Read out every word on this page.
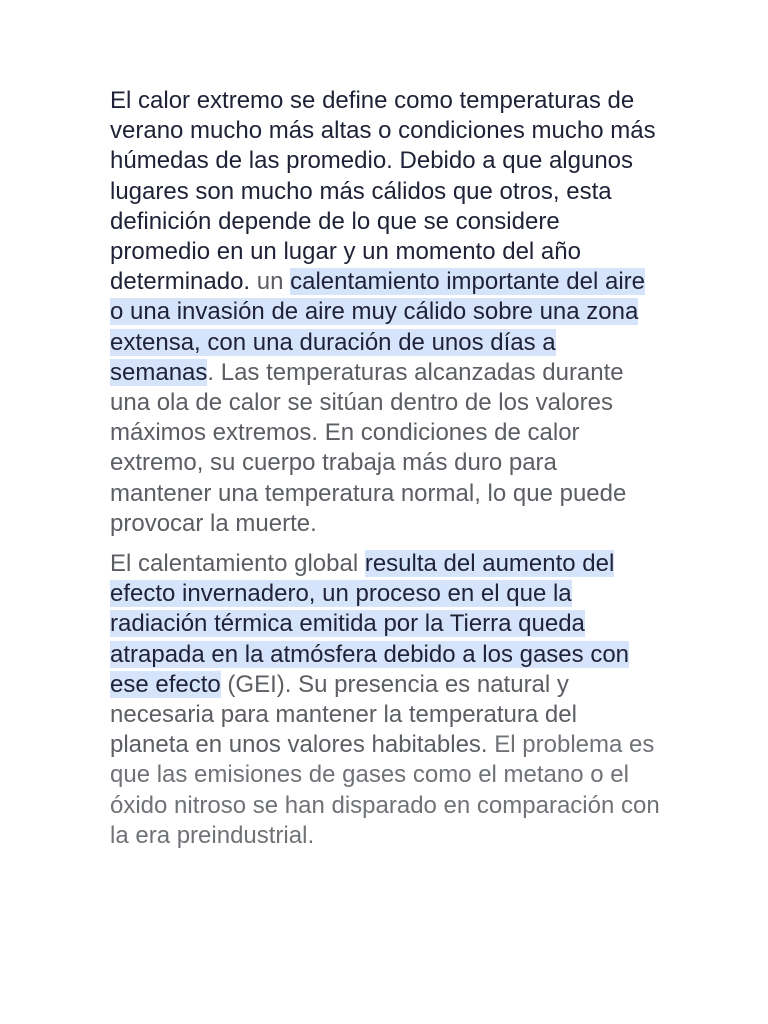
El calor extremo se define como temperaturas de verano mucho más altas o condiciones mucho más húmedas de las promedio. Debido a que algunos lugares son mucho más cálidos que otros, esta definición depende de lo que se considere promedio en un lugar y un momento del año determinado. un calentamiento importante del aire o una invasión de aire muy cálido sobre una zona extensa, con una duración de unos días a semanas. Las temperaturas alcanzadas durante una ola de calor se sitúan dentro de los valores máximos extremos. En condiciones de calor extremo, su cuerpo trabaja más duro para mantener una temperatura normal, lo que puede provocar la muerte.

El calentamiento global resulta del aumento del efecto invernadero, un proceso en el que la radiación térmica emitida por la Tierra queda atrapada en la atmósfera debido a los gases con ese efecto (GEI). Su presencia es natural y necesaria para mantener la temperatura del planeta en unos valores habitables. El problema es que las emisiones de gases como el metano o el óxido nitroso se han disparado en comparación con la era preindustrial.
